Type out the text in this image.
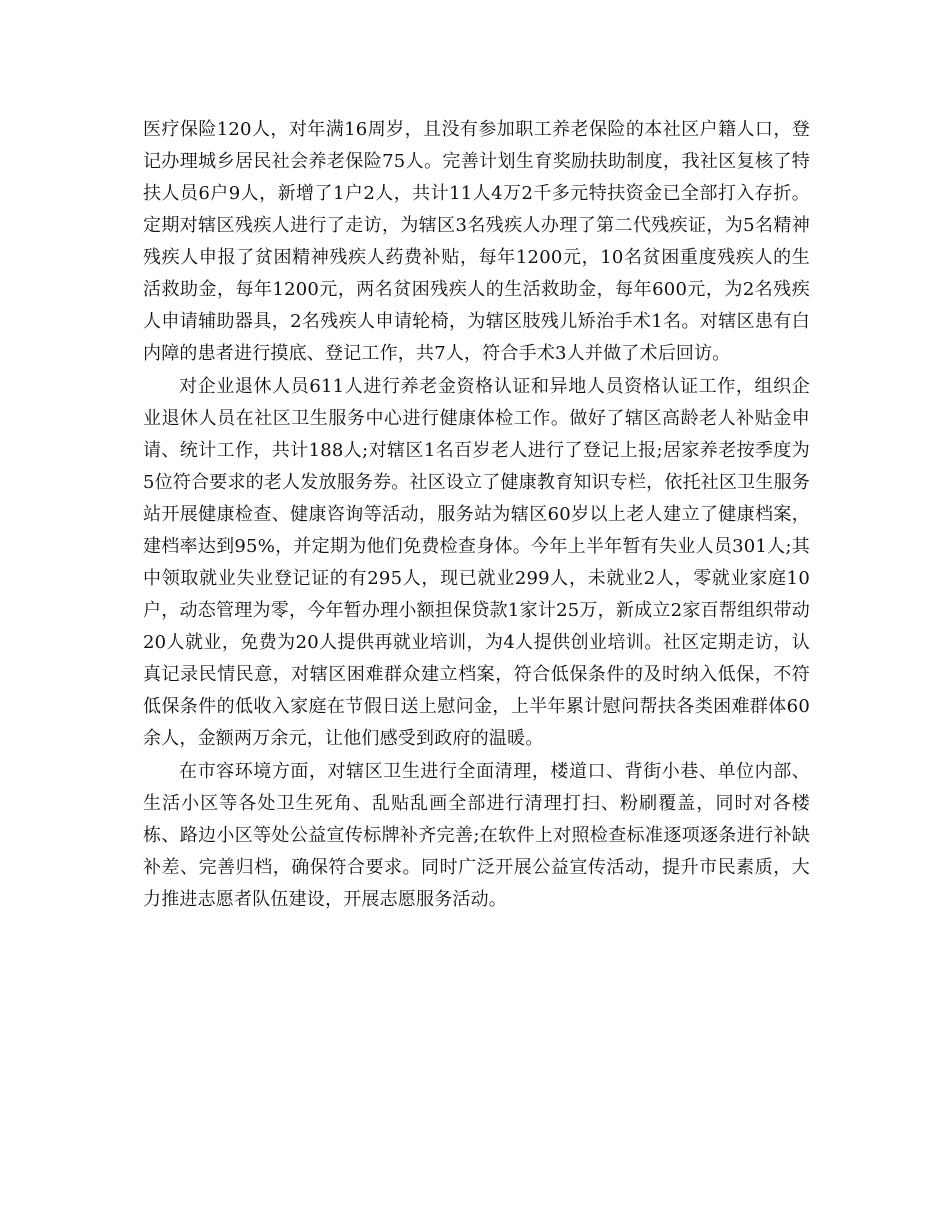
医疗保险120人，对年满16周岁，且没有参加职工养老保险的本社区户籍人口，登记办理城乡居民社会养老保险75人。完善计划生育奖励扶助制度，我社区复核了特扶人员6户9人，新增了1户2人，共计11人4万2千多元特扶资金已全部打入存折。定期对辖区残疾人进行了走访，为辖区3名残疾人办理了第二代残疾证，为5名精神残疾人申报了贫困精神残疾人药费补贴，每年1200元，10名贫困重度残疾人的生活救助金，每年1200元，两名贫困残疾人的生活救助金，每年600元，为2名残疾人申请辅助器具，2名残疾人申请轮椅，为辖区肢残儿矫治手术1名。对辖区患有白内障的患者进行摸底、登记工作，共7人，符合手术3人并做了术后回访。

对企业退休人员611人进行养老金资格认证和异地人员资格认证工作，组织企业退休人员在社区卫生服务中心进行健康体检工作。做好了辖区高龄老人补贴金申请、统计工作，共计188人;对辖区1名百岁老人进行了登记上报;居家养老按季度为5位符合要求的老人发放服务券。社区设立了健康教育知识专栏，依托社区卫生服务站开展健康检查、健康咨询等活动，服务站为辖区60岁以上老人建立了健康档案，建档率达到95%，并定期为他们免费检查身体。今年上半年暂有失业人员301人;其中领取就业失业登记证的有295人，现已就业299人，未就业2人，零就业家庭10户，动态管理为零，今年暂办理小额担保贷款1家计25万，新成立2家百帮组织带动20人就业，免费为20人提供再就业培训，为4人提供创业培训。社区定期走访，认真记录民情民意，对辖区困难群众建立档案，符合低保条件的及时纳入低保，不符低保条件的低收入家庭在节假日送上慰问金，上半年累计慰问帮扶各类困难群体60余人，金额两万余元，让他们感受到政府的温暖。

在市容环境方面，对辖区卫生进行全面清理，楼道口、背街小巷、单位内部、生活小区等各处卫生死角、乱贴乱画全部进行清理打扫、粉刷覆盖，同时对各楼栋、路边小区等处公益宣传标牌补齐完善;在软件上对照检查标准逐项逐条进行补缺补差、完善归档，确保符合要求。同时广泛开展公益宣传活动，提升市民素质，大力推进志愿者队伍建设，开展志愿服务活动。
